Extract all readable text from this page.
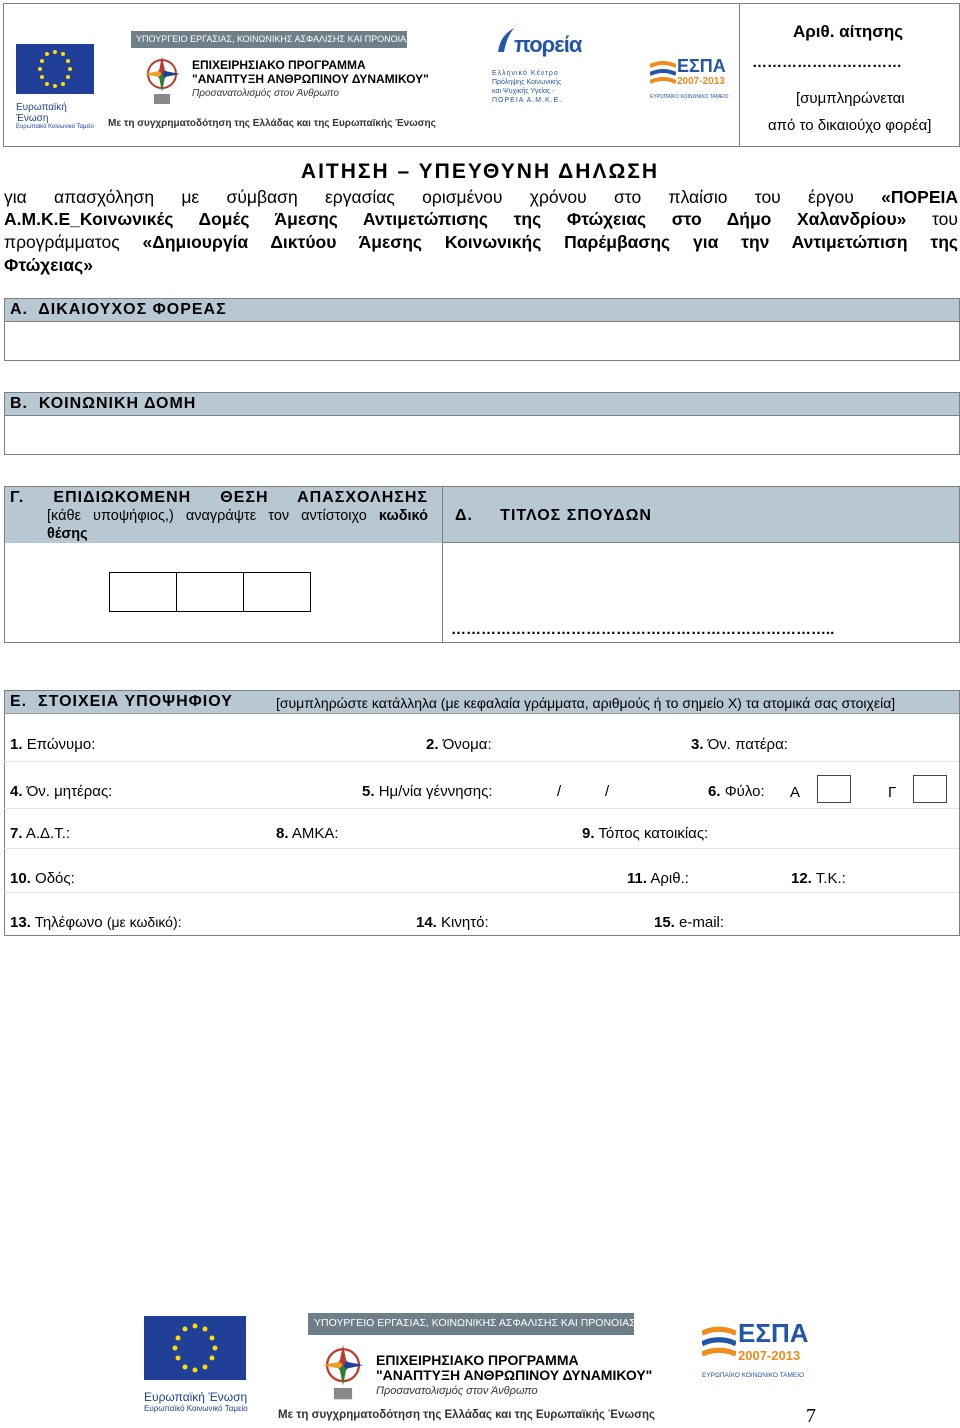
Ευρωπαϊκή Ένωση
Ευρωπαϊκό Κοινωνικό Ταμείο
ΥΠΟΥΡΓΕΙΟ ΕΡΓΑΣΙΑΣ, ΚΟΙΝΩΝΙΚΗΣ ΑΣΦΑΛΙΣΗΣ ΚΑΙ ΠΡΟΝΟΙΑΣ
ΕΠΙΧΕΙΡΗΣΙΑΚΟ ΠΡΟΓΡΑΜΜΑ
"ΑΝΑΠΤΥΞΗ ΑΝΘΡΩΠΙΝΟΥ ΔΥΝΑΜΙΚΟΥ"
Προσανατολισμός στον Άνθρωπο
Με τη συγχρηματοδότηση της Ελλάδας και της Ευρωπαϊκής Ένωσης
πορεία
Ελληνικό Κέντρο
Πρόληψης Κοινωνικής
και Ψυχικής Υγείας -
ΠΟΡΕΙΑ Α.Μ.Κ.Ε.
ΕΣΠΑ
2007-2013
ΕΥΡΩΠΑΪΚΟ ΚΟΙΝΩΝΙΚΟ ΤΑΜΕΙΟ
Αριθ. αίτησης
…………………………
[συμπληρώνεται
από το δικαιούχο φορέα]
ΑΙΤΗΣΗ – ΥΠΕΥΘΥΝΗ ΔΗΛΩΣΗ
για απασχόληση με σύμβαση εργασίας ορισμένου χρόνου στο πλαίσιο του έργου «ΠΟΡΕΙΑ
Α.Μ.Κ.Ε_Κοινωνικές Δομές Άμεσης Αντιμετώπισης της Φτώχειας στο Δήμο Χαλανδρίου» του
προγράμματος «Δημιουργία Δικτύου Άμεσης Κοινωνικής Παρέμβασης για την Αντιμετώπιση της
Φτώχειας»
Α.  ΔΙΚΑΙΟΥΧΟΣ ΦΟΡΕΑΣ
Β.  ΚΟΙΝΩΝΙΚΗ ΔΟΜΗ
Γ. ΕΠΙΔΙΩΚΟΜΕΝΗ ΘΕΣΗ ΑΠΑΣΧΟΛΗΣΗΣ
[κάθε υποψήφιος,) αναγράψτε τον αντίστοιχο κωδικό
θέσης
Δ.     ΤΙΤΛΟΣ ΣΠΟΥΔΩΝ
…………………………………………………………………..
Ε.  ΣΤΟΙΧΕΙΑ ΥΠΟΨΗΦΙΟΥ	[συμπληρώστε κατάλληλα (με κεφαλαία γράμματα, αριθμούς ή το σημείο Χ) τα ατομικά σας στοιχεία]
1. Επώνυμο:	2. Όνομα:	3. Όν. πατέρα:
4. Όν. μητέρας:	5. Ημ/νία γέννησης:	/	/	6. Φύλο: Α	Γ
7. Α.Δ.Τ.:	8. ΑΜΚΑ:	9. Τόπος κατοικίας:
10. Οδός:	11. Αριθ.:	12. Τ.Κ.:
13. Τηλέφωνο (με κωδικό):	14. Κινητό:	15. e-mail:
Ευρωπαϊκή Ένωση
Ευρωπαϊκό Κοινωνικό Ταμείο
ΥΠΟΥΡΓΕΙΟ ΕΡΓΑΣΙΑΣ, ΚΟΙΝΩΝΙΚΗΣ ΑΣΦΑΛΙΣΗΣ ΚΑΙ ΠΡΟΝΟΙΑΣ
ΕΠΙΧΕΙΡΗΣΙΑΚΟ ΠΡΟΓΡΑΜΜΑ
"ΑΝΑΠΤΥΞΗ ΑΝΘΡΩΠΙΝΟΥ ΔΥΝΑΜΙΚΟΥ"
Προσανατολισμός στον Άνθρωπο
Με τη συγχρηματοδότηση της Ελλάδας και της Ευρωπαϊκής Ένωσης
ΕΣΠΑ
2007-2013
ΕΥΡΩΠΑΪΚΟ ΚΟΙΝΩΝΙΚΟ ΤΑΜΕΙΟ
7
